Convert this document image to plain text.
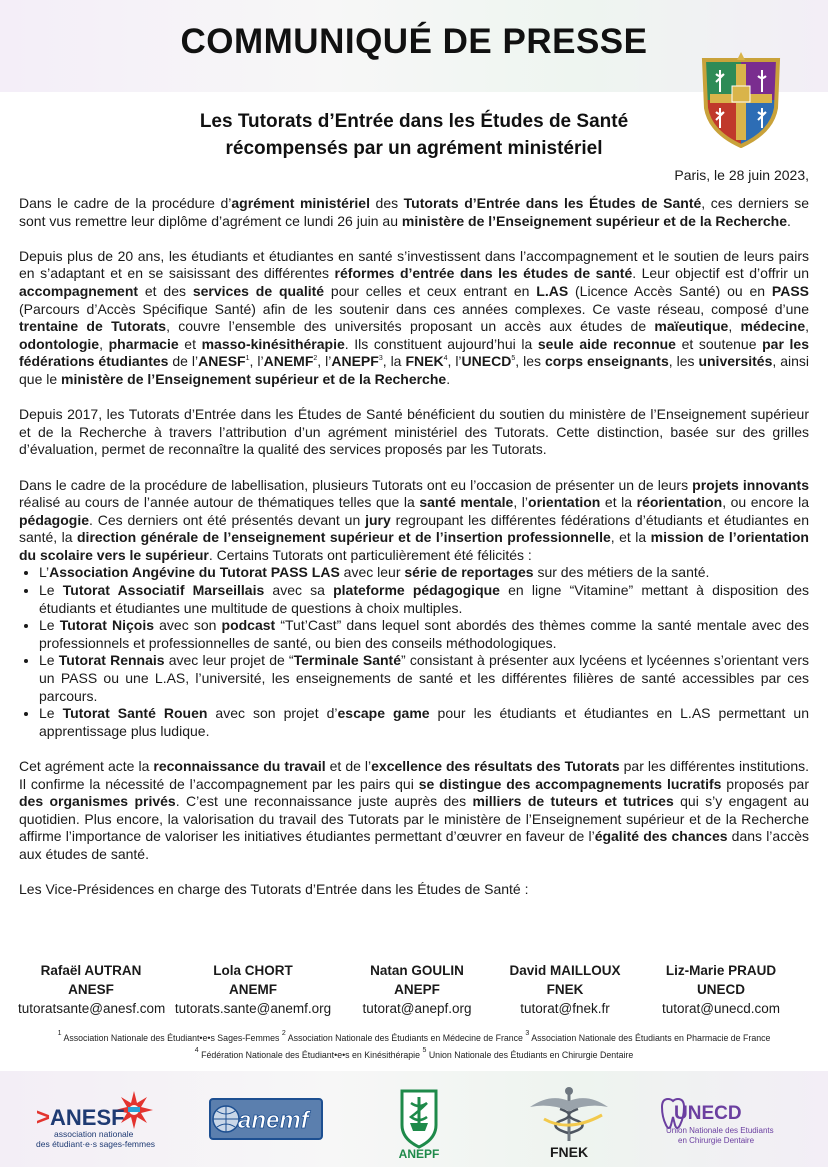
COMMUNIQUÉ DE PRESSE
Les Tutorats d’Entrée dans les Études de Santé
récompensés par un agrément ministériel
Paris, le 28 juin 2023,

Dans le cadre de la procédure d’agrément ministériel des Tutorats d’Entrée dans les Études de Santé, ces derniers se sont vus remettre leur diplôme d’agrément ce lundi 26 juin au ministère de l’Enseignement supérieur et de la Recherche.

Depuis plus de 20 ans, les étudiants et étudiantes en santé s’investissent dans l’accompagnement et le soutien de leurs pairs en s’adaptant et en se saisissant des différentes réformes d’entrée dans les études de santé. Leur objectif est d’offrir un accompagnement et des services de qualité pour celles et ceux entrant en L.AS (Licence Accès Santé) ou en PASS (Parcours d’Accès Spécifique Santé) afin de les soutenir dans ces années complexes. Ce vaste réseau, composé d’une trentaine de Tutorats, couvre l’ensemble des universités proposant un accès aux études de maïeutique, médecine, odontologie, pharmacie et masso-kinésithérapie. Ils constituent aujourd’hui la seule aide reconnue et soutenue par les fédérations étudiantes de l’ANESF$^1$, l’ANEMF$^2$, l’ANEPF$^3$, la FNEK$^4$, l’UNECD$^5$, les corps enseignants, les universités, ainsi que le ministère de l’Enseignement supérieur et de la Recherche.

Depuis 2017, les Tutorats d’Entrée dans les Études de Santé bénéficient du soutien du ministère de l’Enseignement supérieur et de la Recherche à travers l’attribution d’un agrément ministériel des Tutorats. Cette distinction, basée sur des grilles d’évaluation, permet de reconnaître la qualité des services proposés par les Tutorats.

Dans le cadre de la procédure de labellisation, plusieurs Tutorats ont eu l’occasion de présenter un de leurs projets innovants réalisé au cours de l’année autour de thématiques telles que la santé mentale, l’orientation et la réorientation, ou encore la pédagogie. Ces derniers ont été présentés devant un jury regroupant les différentes fédérations d’étudiants et étudiantes en santé, la direction générale de l’enseignement supérieur et de l’insertion professionnelle, et la mission de l’orientation du scolaire vers le supérieur. Certains Tutorats ont particulièrement été félicités :

• L’Association Angévine du Tutorat PASS LAS avec leur série de reportages sur des métiers de la santé.
• Le Tutorat Associatif Marseillais avec sa plateforme pédagogique en ligne “Vitamine” mettant à disposition des étudiants et étudiantes une multitude de questions à choix multiples.
• Le Tutorat Niçois avec son podcast “Tut’Cast” dans lequel sont abordés des thèmes comme la santé mentale avec des professionnels et professionnelles de santé, ou bien des conseils méthodologiques.
• Le Tutorat Rennais avec leur projet de “Terminale Santé” consistant à présenter aux lycéens et lycéennes s’orientant vers un PASS ou une L.AS, l’université, les enseignements de santé et les différentes filières de santé accessibles par ces parcours.
• Le Tutorat Santé Rouen avec son projet d’escape game pour les étudiants et étudiantes en L.AS permettant un apprentissage plus ludique.

Cet agrément acte la reconnaissance du travail et de l’excellence des résultats des Tutorats par les différentes institutions. Il confirme la nécessité de l’accompagnement par les pairs qui se distingue des accompagnements lucratifs proposés par des organismes privés. C’est une reconnaissance juste auprès des milliers de tuteurs et tutrices qui s’y engagent au quotidien. Plus encore, la valorisation du travail des Tutorats par le ministère de l’Enseignement supérieur et de la Recherche affirme l’importance de valoriser les initiatives étudiantes permettant d’œuvrer en faveur de l’égalité des chances dans l’accès aux études de santé.

Les Vice-Présidences en charge des Tutorats d’Entrée dans les Études de Santé :

Rafaël AUTRAN
ANESF
tutoratsante@anesf.com
Lola CHORT
ANEMF
tutorats.sante@anemf.org
Natan GOULIN
ANEPF
tutorat@anepf.org
David MAILLOUX
FNEK
tutorat@fnek.fr
Liz-Marie PRAUD
UNECD
tutorat@unecd.com
$^1$ Association Nationale des Étudiant•e•s Sages-Femmes $^2$ Association Nationale des Étudiants en Médecine de France $^3$ Association Nationale des Étudiants en Pharmacie de France
$^4$ Fédération Nationale des Étudiant•e•s en Kinésithérapie $^5$ Union Nationale des Étudiants en Chirurgie Dentaire
> ANESF
association nationale
des étudiant·e·s sages-femmes
anemf
ANEPF	FNEK
UNECD
Union Nationale des Etudiants
en Chirurgie Dentaire
